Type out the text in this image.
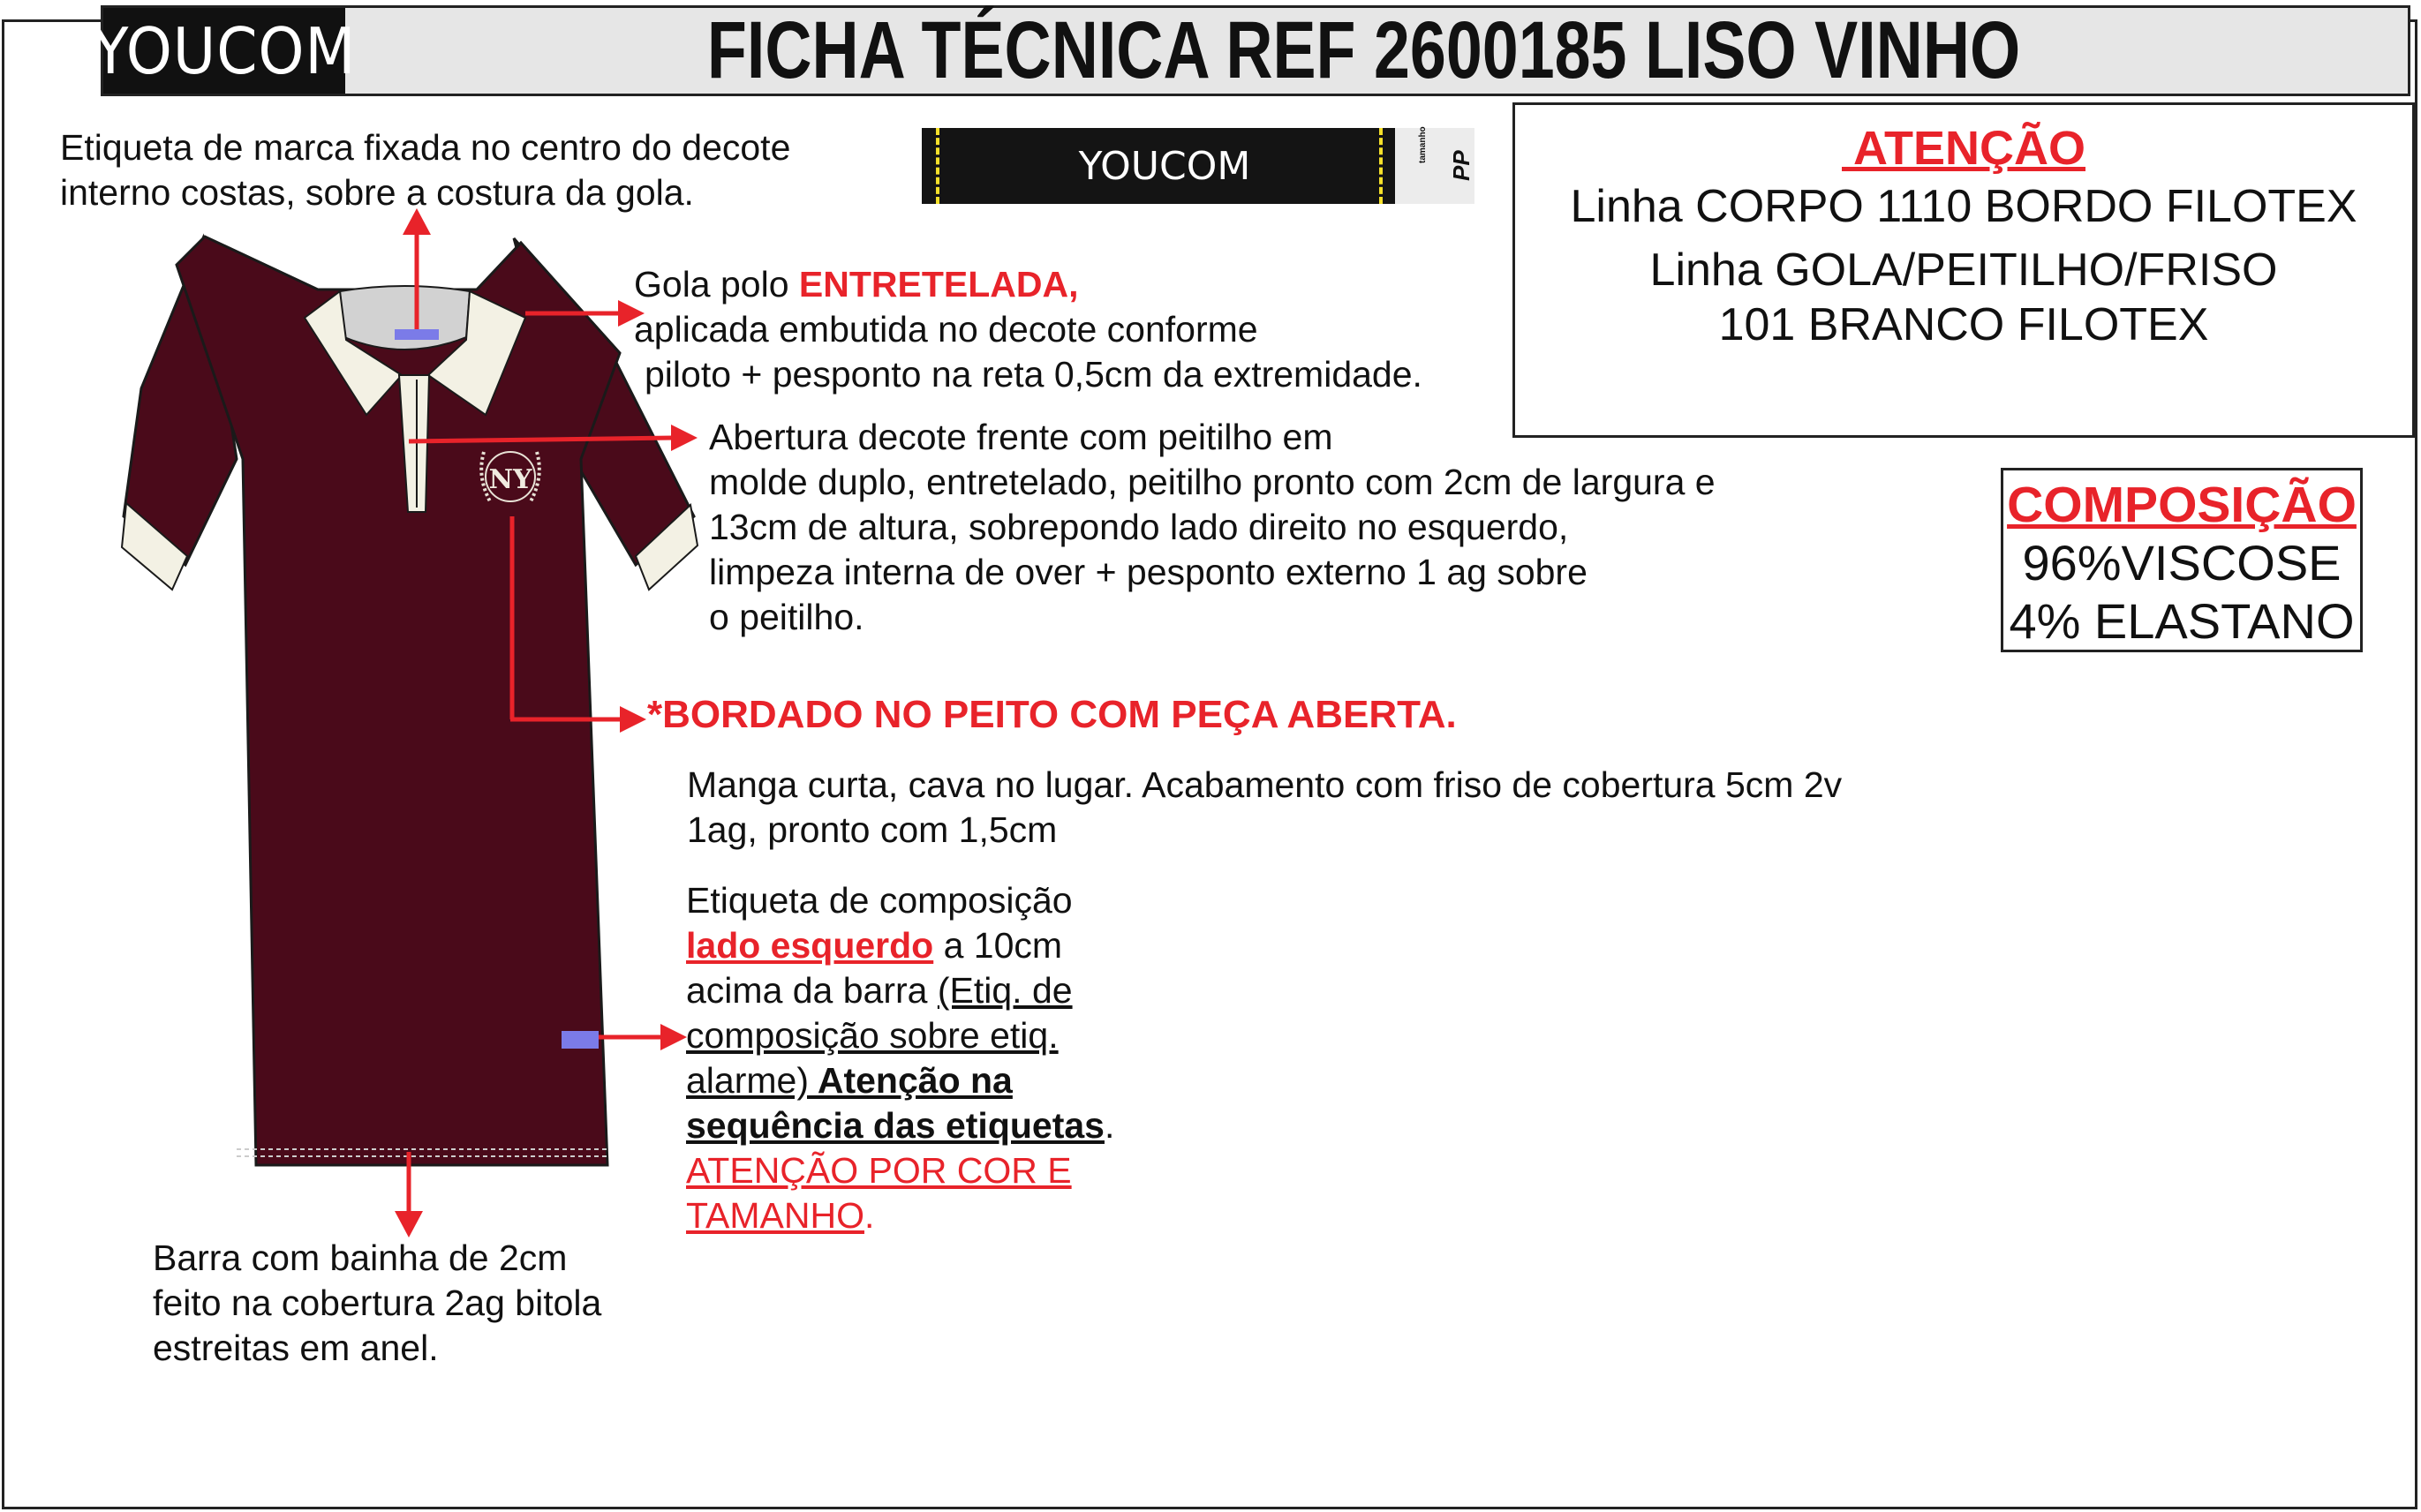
YOUCOM	FICHA TÉCNICA REF 2600185 LISO VINHO
NY
Etiqueta de marca fixada no centro do decote
interno costas, sobre a costura da gola.
YOUCOM	tamanho
PP
Gola polo ENTRETELADA,
aplicada embutida no decote conforme
piloto + pesponto na reta 0,5cm da extremidade.
Abertura decote frente com peitilho em
molde duplo, entretelado, peitilho pronto com 2cm de largura e
13cm de altura, sobrepondo lado direito no esquerdo,
limpeza interna de over + pesponto externo 1 ag sobre
o peitilho.
*BORDADO NO PEITO COM PEÇA ABERTA.
Manga curta, cava no lugar. Acabamento com friso de cobertura 5cm 2v
1ag, pronto com 1,5cm
Etiqueta de composição
lado esquerdo a 10cm
acima da barra (Etiq. de
composição sobre etiq.
alarme) Atenção na
sequência das etiquetas.
ATENÇÃO POR COR E
TAMANHO.
Barra com bainha de 2cm
feito na cobertura 2ag bitola
estreitas em anel.
ATENÇÃO
Linha CORPO 1110 BORDO FILOTEX
Linha GOLA/PEITILHO/FRISO
101 BRANCO FILOTEX
COMPOSIÇÃO
96%VISCOSE
4% ELASTANO
